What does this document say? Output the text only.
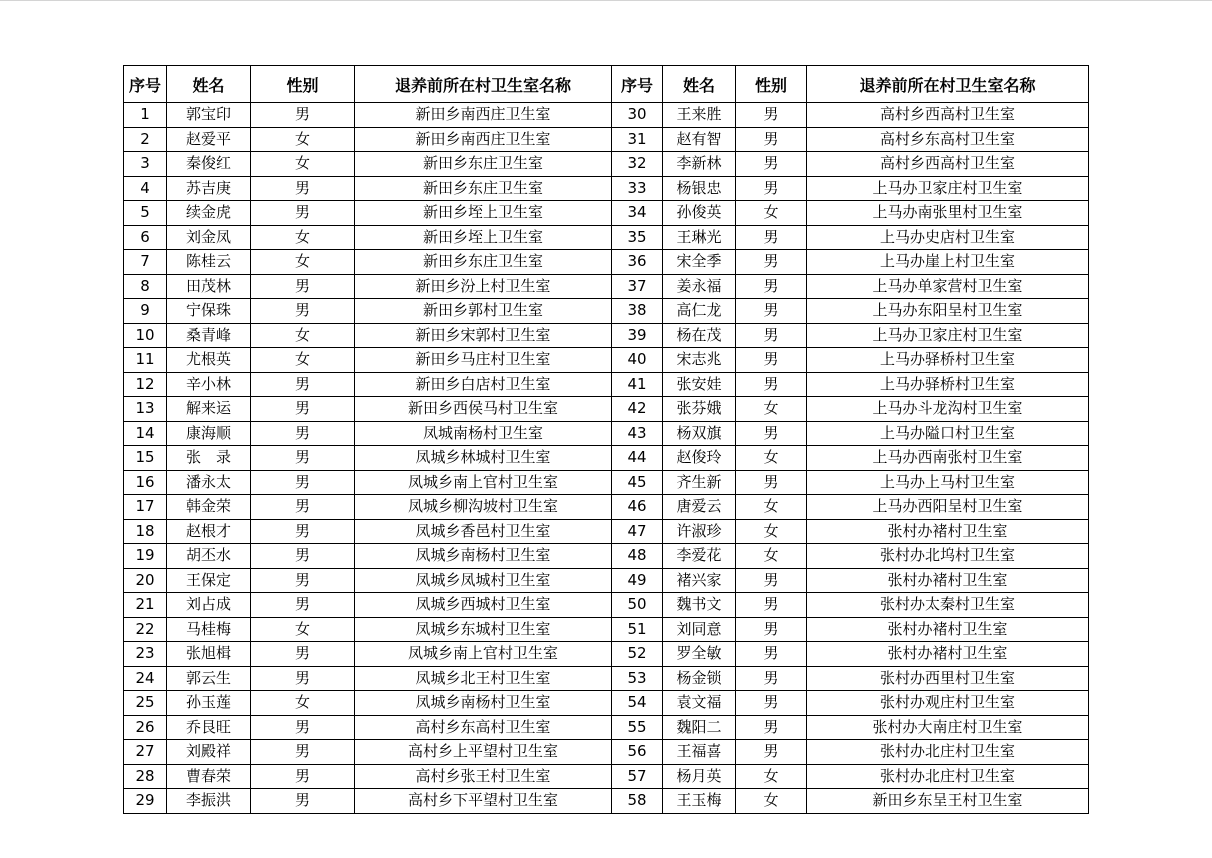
序号	姓名	性别	退养前所在村卫生室名称	序号	姓名	性别	退养前所在村卫生室名称
1	郭宝印	男	新田乡南西庄卫生室	30	王来胜	男	高村乡西高村卫生室
2	赵爱平	女	新田乡南西庄卫生室	31	赵有智	男	高村乡东高村卫生室
3	秦俊红	女	新田乡东庄卫生室	32	李新林	男	高村乡西高村卫生室
4	苏吉庚	男	新田乡东庄卫生室	33	杨银忠	男	上马办卫家庄村卫生室
5	续金虎	男	新田乡垤上卫生室	34	孙俊英	女	上马办南张里村卫生室
6	刘金凤	女	新田乡垤上卫生室	35	王琳光	男	上马办史店村卫生室
7	陈桂云	女	新田乡东庄卫生室	36	宋全季	男	上马办崖上村卫生室
8	田茂林	男	新田乡汾上村卫生室	37	姜永福	男	上马办单家营村卫生室
9	宁保珠	男	新田乡郭村卫生室	38	高仁龙	男	上马办东阳呈村卫生室
10	桑青峰	女	新田乡宋郭村卫生室	39	杨在茂	男	上马办卫家庄村卫生室
11	尤根英	女	新田乡马庄村卫生室	40	宋志兆	男	上马办驿桥村卫生室
12	辛小林	男	新田乡白店村卫生室	41	张安娃	男	上马办驿桥村卫生室
13	解来运	男	新田乡西侯马村卫生室	42	张芬娥	女	上马办斗龙沟村卫生室
14	康海顺	男	凤城南杨村卫生室	43	杨双旗	男	上马办隘口村卫生室
15	张　录	男	凤城乡林城村卫生室	44	赵俊玲	女	上马办西南张村卫生室
16	潘永太	男	凤城乡南上官村卫生室	45	齐生新	男	上马办上马村卫生室
17	韩金荣	男	凤城乡柳沟坡村卫生室	46	唐爱云	女	上马办西阳呈村卫生室
18	赵根才	男	凤城乡香邑村卫生室	47	许淑珍	女	张村办褚村卫生室
19	胡丕水	男	凤城乡南杨村卫生室	48	李爱花	女	张村办北坞村卫生室
20	王保定	男	凤城乡凤城村卫生室	49	褚兴家	男	张村办褚村卫生室
21	刘占成	男	凤城乡西城村卫生室	50	魏书文	男	张村办太秦村卫生室
22	马桂梅	女	凤城乡东城村卫生室	51	刘同意	男	张村办褚村卫生室
23	张旭楫	男	凤城乡南上官村卫生室	52	罗全敏	男	张村办褚村卫生室
24	郭云生	男	凤城乡北王村卫生室	53	杨金锁	男	张村办西里村卫生室
25	孙玉莲	女	凤城乡南杨村卫生室	54	袁文福	男	张村办观庄村卫生室
26	乔艮旺	男	高村乡东高村卫生室	55	魏阳二	男	张村办大南庄村卫生室
27	刘殿祥	男	高村乡上平望村卫生室	56	王福喜	男	张村办北庄村卫生室
28	曹春荣	男	高村乡张王村卫生室	57	杨月英	女	张村办北庄村卫生室
29	李振洪	男	高村乡下平望村卫生室	58	王玉梅	女	新田乡东呈王村卫生室
